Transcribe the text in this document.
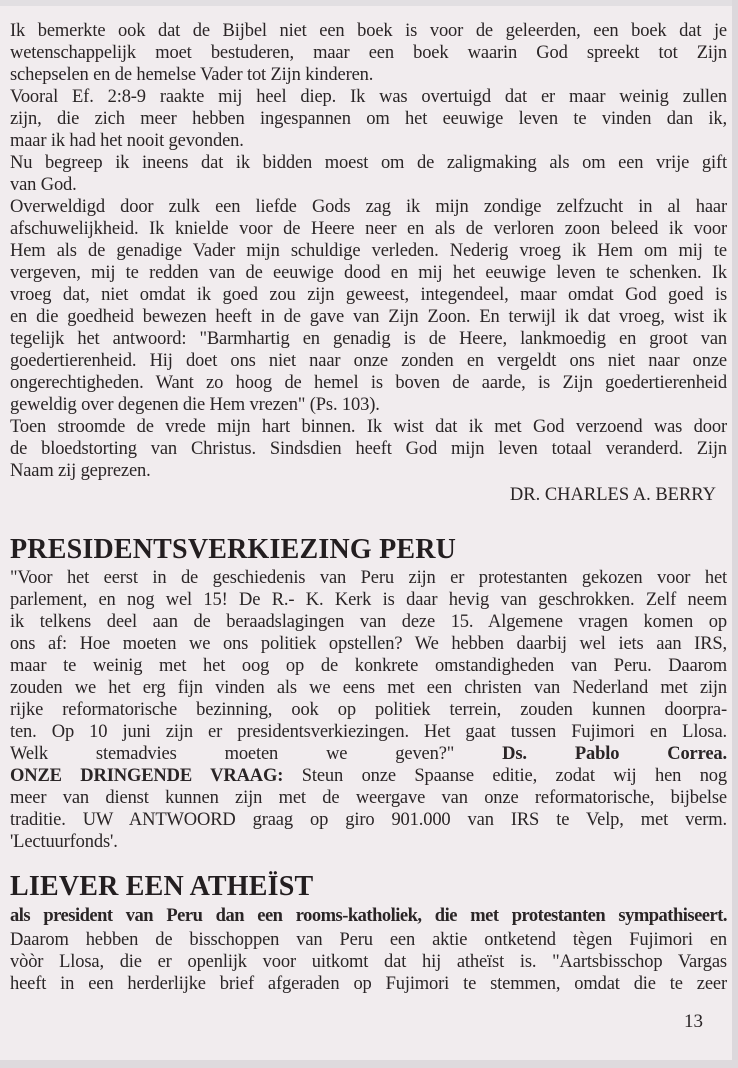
Ik bemerkte ook dat de Bijbel niet een boek is voor de geleerden, een boek dat je
wetenschappelijk moet bestuderen, maar een boek waarin God spreekt tot Zijn
schepselen en de hemelse Vader tot Zijn kinderen.
Vooral Ef. 2:8-9 raakte mij heel diep. Ik was overtuigd dat er maar weinig zullen
zijn, die zich meer hebben ingespannen om het eeuwige leven te vinden dan ik,
maar ik had het nooit gevonden.
Nu begreep ik ineens dat ik bidden moest om de zaligmaking als om een vrije gift
van God.
Overweldigd door zulk een liefde Gods zag ik mijn zondige zelfzucht in al haar
afschuwelijkheid. Ik knielde voor de Heere neer en als de verloren zoon beleed ik voor
Hem als de genadige Vader mijn schuldige verleden. Nederig vroeg ik Hem om mij te
vergeven, mij te redden van de eeuwige dood en mij het eeuwige leven te schenken. Ik
vroeg dat, niet omdat ik goed zou zijn geweest, integendeel, maar omdat God goed is
en die goedheid bewezen heeft in de gave van Zijn Zoon. En terwijl ik dat vroeg, wist ik
tegelijk het antwoord: "Barmhartig en genadig is de Heere, lankmoedig en groot van
goedertierenheid. Hij doet ons niet naar onze zonden en vergeldt ons niet naar onze
ongerechtigheden. Want zo hoog de hemel is boven de aarde, is Zijn goedertierenheid
geweldig over degenen die Hem vrezen" (Ps. 103).
Toen stroomde de vrede mijn hart binnen. Ik wist dat ik met God verzoend was door
de bloedstorting van Christus. Sindsdien heeft God mijn leven totaal veranderd. Zijn
Naam zij geprezen.
DR. CHARLES A. BERRY
PRESIDENTSVERKIEZING PERU
"Voor het eerst in de geschiedenis van Peru zijn er protestanten gekozen voor het
parlement, en nog wel 15! De R.- K. Kerk is daar hevig van geschrokken. Zelf neem
ik telkens deel aan de beraadslagingen van deze 15. Algemene vragen komen op
ons af: Hoe moeten we ons politiek opstellen? We hebben daarbij wel iets aan IRS,
maar te weinig met het oog op de konkrete omstandigheden van Peru. Daarom
zouden we het erg fijn vinden als we eens met een christen van Nederland met zijn
rijke reformatorische bezinning, ook op politiek terrein, zouden kunnen doorpra-
ten. Op 10 juni zijn er presidentsverkiezingen. Het gaat tussen Fujimori en Llosa.
Welk stemadvies moeten we geven?" Ds. Pablo Correa.
ONZE DRINGENDE VRAAG: Steun onze Spaanse editie, zodat wij hen nog
meer van dienst kunnen zijn met de weergave van onze reformatorische, bijbelse
traditie. UW ANTWOORD graag op giro 901.000 van IRS te Velp, met verm.
'Lectuurfonds'.
LIEVER EEN ATHEÏST
als president van Peru dan een rooms-katholiek, die met protestanten sympathiseert.
Daarom hebben de bisschoppen van Peru een aktie ontketend tègen Fujimori en
vòòr Llosa, die er openlijk voor uitkomt dat hij atheïst is. "Aartsbisschop Vargas
heeft in een herderlijke brief afgeraden op Fujimori te stemmen, omdat die te zeer
13
